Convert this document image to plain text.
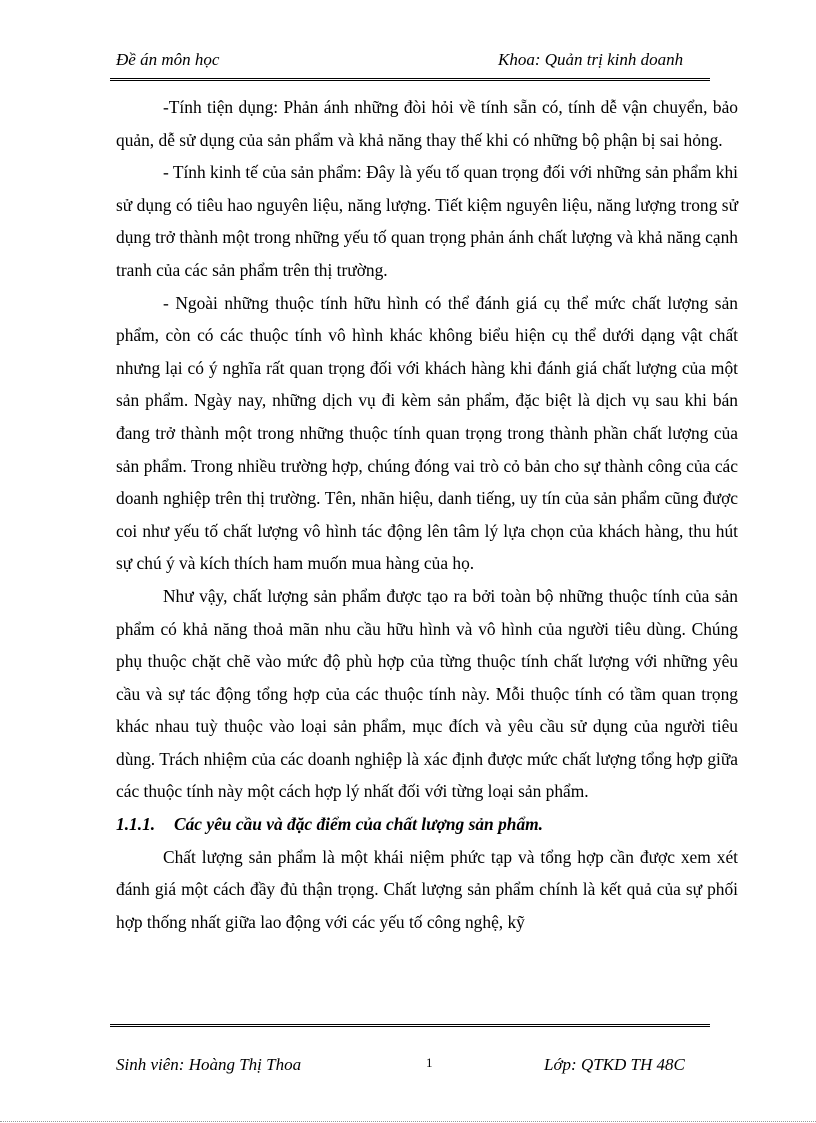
Đề án môn học	Khoa: Quản trị kinh doanh

-Tính tiện dụng: Phản ánh những đòi hỏi về tính sẵn có, tính dễ vận chuyển, bảo quản, dễ sử dụng của sản phẩm và khả năng thay thế khi có những bộ phận bị sai hỏng.

- Tính kinh tế của sản phẩm: Đây là yếu tố quan trọng đối với những sản phẩm khi sử dụng có tiêu hao nguyên liệu, năng lượng. Tiết kiệm nguyên liệu, năng lượng trong sử dụng trở thành một trong những yếu tố quan trọng phản ánh chất lượng và khả năng cạnh tranh của các sản phẩm trên thị trường.

- Ngoài những thuộc tính hữu hình có thể đánh giá cụ thể mức chất lượng sản phẩm, còn có các thuộc tính vô hình khác không biểu hiện cụ thể dưới dạng vật chất nhưng lại có ý nghĩa rất quan trọng đối với khách hàng khi đánh giá chất lượng của một sản phẩm. Ngày nay, những dịch vụ đi kèm sản phẩm, đặc biệt là dịch vụ sau khi bán đang trở thành một trong những thuộc tính quan trọng trong thành phần chất lượng của sản phẩm. Trong nhiều trường hợp, chúng đóng vai trò cỏ bản cho sự thành công của các doanh nghiệp trên thị trường. Tên, nhãn hiệu, danh tiếng, uy tín của sản phẩm cũng được coi như yếu tố chất lượng vô hình tác động lên tâm lý lựa chọn của khách hàng, thu hút sự chú ý và kích thích ham muốn mua hàng của họ.

Như vậy, chất lượng sản phẩm được tạo ra bởi toàn bộ những thuộc tính của sản phẩm có khả năng thoả mãn nhu cầu hữu hình và vô hình của người tiêu dùng. Chúng phụ thuộc chặt chẽ vào mức độ phù hợp của từng thuộc tính chất lượng với những yêu cầu và sự tác động tổng hợp của các thuộc tính này. Mỗi thuộc tính có tầm quan trọng khác nhau tuỳ thuộc vào loại sản phẩm, mục đích và yêu cầu sử dụng của người tiêu dùng. Trách nhiệm của các doanh nghiệp là xác định được mức chất lượng tổng hợp giữa các thuộc tính này một cách hợp lý nhất đối với từng loại sản phẩm.

1.1.1. Các yêu cầu và đặc điểm của chất lượng sản phẩm.

Chất lượng sản phẩm là một khái niệm phức tạp và tổng hợp cần được xem xét đánh giá một cách đầy đủ thận trọng. Chất lượng sản phẩm chính là kết quả của sự phối hợp thống nhất giữa lao động với các yếu tố công nghệ, kỹ

Sinh viên: Hoàng Thị Thoa	1	Lớp: QTKD TH 48C
